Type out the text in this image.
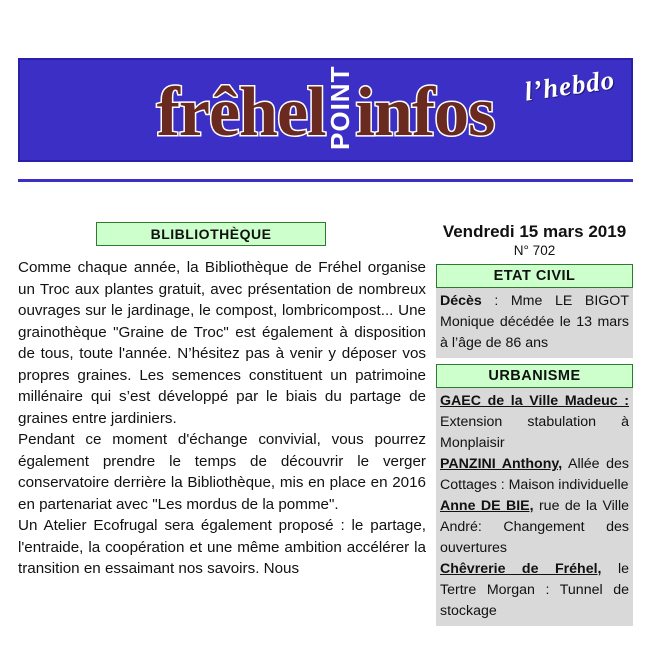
frêhelPOINTinfos	l’hebdo
BLIBLIOTHÈQUE

Comme chaque année, la Bibliothèque de Fréhel organise un Troc aux plantes gratuit, avec présentation de nombreux ouvrages sur le jardinage, le compost, lombricompost... Une grainothèque "Graine de Troc" est également à disposition de tous, toute l'année. N’hésitez pas à venir y déposer vos propres graines. Les semences constituent un patrimoine millénaire qui s’est développé par le biais du partage de graines entre jardiniers.

Pendant ce moment d'échange convivial, vous pourrez également prendre le temps de découvrir le verger conservatoire derrière la Bibliothèque, mis en place en 2016 en partenariat avec "Les mordus de la pomme".

Un Atelier Ecofrugal sera également proposé : le partage, l'entraide, la coopération et une même ambition accélérer la transition en essaimant nos savoirs. Nous

Vendredi 15 mars 2019
N° 702
ETAT CIVIL

Décès : Mme LE BIGOT Monique décédée le 13 mars à l’âge de 86 ans

URBANISME

GAEC de la Ville Madeuc : Extension stabulation à Monplaisir

PANZINI Anthony, Allée des Cottages : Maison individuelle

Anne DE BIE, rue de la Ville André: Changement des ouvertures

Chêvrerie de Fréhel, le Tertre Morgan : Tunnel de stockage
